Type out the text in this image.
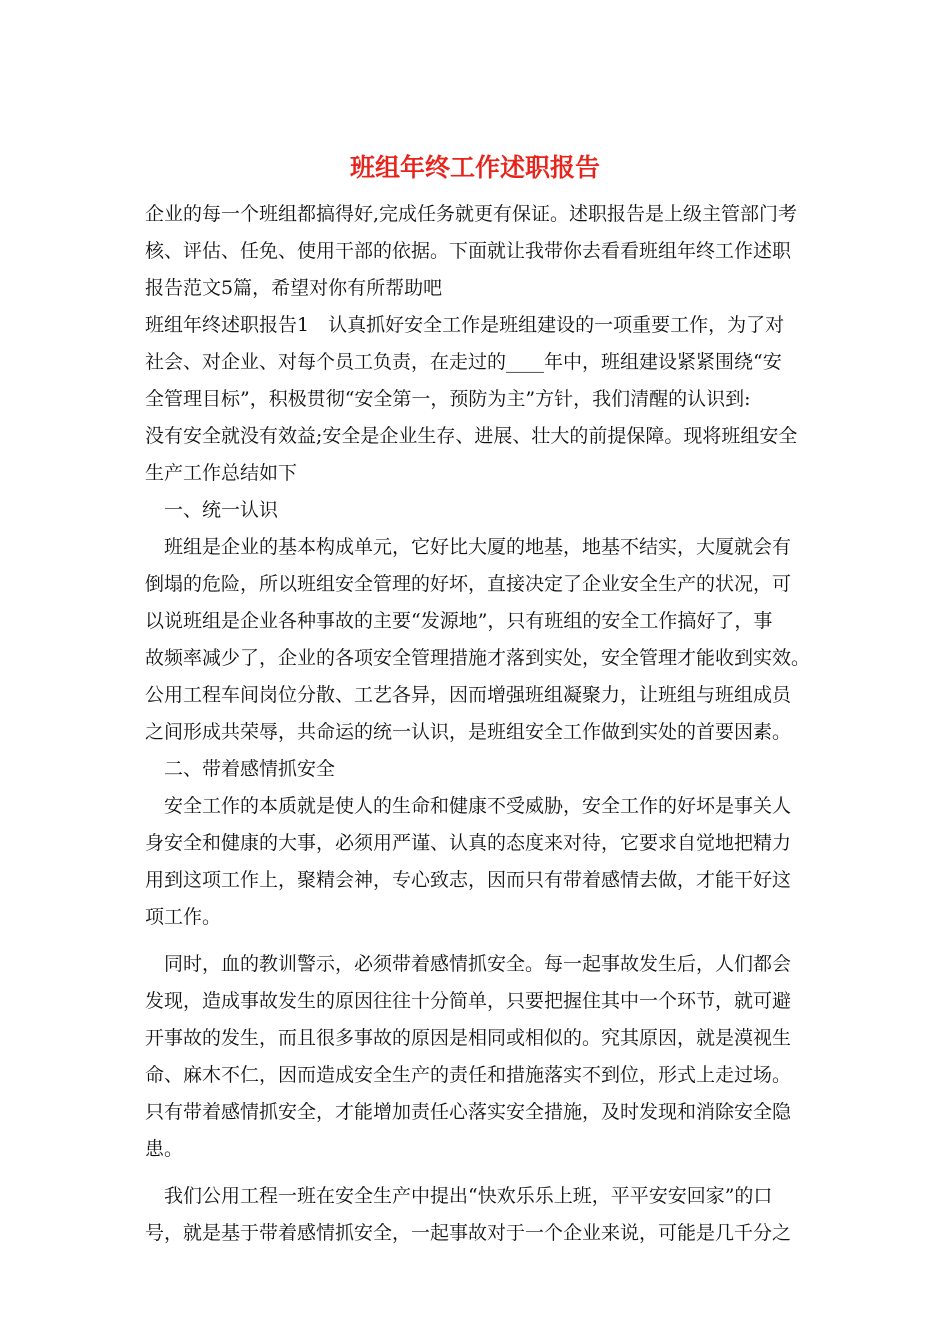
班组年终工作述职报告
企业的每一个班组都搞得好,完成任务就更有保证。述职报告是上级主管部门考
核、评估、任免、使用干部的依据。下面就让我带你去看看班组年终工作述职
报告范文5篇，希望对你有所帮助吧
班组年终述职报告1　认真抓好安全工作是班组建设的一项重要工作，为了对
社会、对企业、对每个员工负责，在走过的____年中，班组建设紧紧围绕“安
全管理目标”，积极贯彻“安全第一，预防为主”方针，我们清醒的认识到:
没有安全就没有效益;安全是企业生存、进展、壮大的前提保障。现将班组安全
生产工作总结如下
一、统一认识
班组是企业的基本构成单元，它好比大厦的地基，地基不结实，大厦就会有
倒塌的危险，所以班组安全管理的好坏，直接决定了企业安全生产的状况，可
以说班组是企业各种事故的主要“发源地”，只有班组的安全工作搞好了，事
故频率减少了，企业的各项安全管理措施才落到实处，安全管理才能收到实效。
公用工程车间岗位分散、工艺各异，因而增强班组凝聚力，让班组与班组成员
之间形成共荣辱，共命运的统一认识，是班组安全工作做到实处的首要因素。
二、带着感情抓安全
安全工作的本质就是使人的生命和健康不受威胁，安全工作的好坏是事关人
身安全和健康的大事，必须用严谨、认真的态度来对待，它要求自觉地把精力
用到这项工作上，聚精会神，专心致志，因而只有带着感情去做，才能干好这
项工作。
同时，血的教训警示，必须带着感情抓安全。每一起事故发生后，人们都会
发现，造成事故发生的原因往往十分简单，只要把握住其中一个环节，就可避
开事故的发生，而且很多事故的原因是相同或相似的。究其原因，就是漠视生
命、麻木不仁，因而造成安全生产的责任和措施落实不到位，形式上走过场。
只有带着感情抓安全，才能增加责任心落实安全措施，及时发现和消除安全隐
患。
我们公用工程一班在安全生产中提出“快欢乐乐上班，平平安安回家”的口
号，就是基于带着感情抓安全，一起事故对于一个企业来说，可能是几千分之
